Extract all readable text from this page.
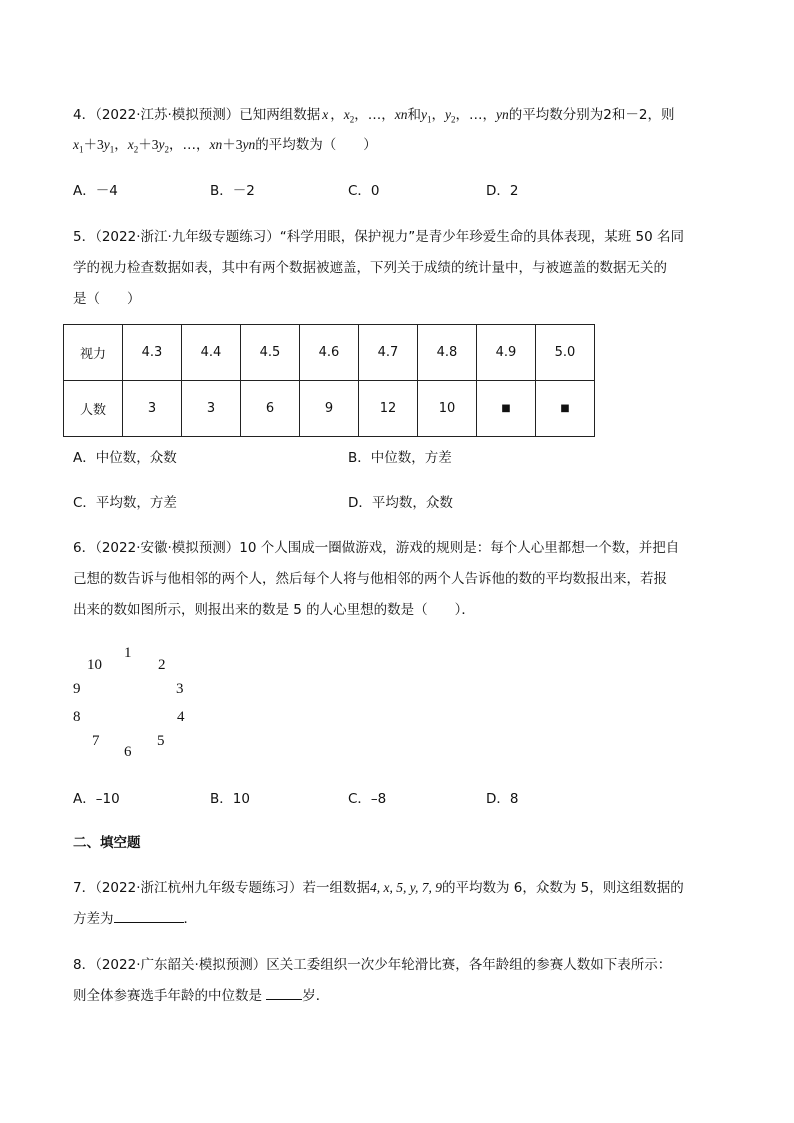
4．（2022·江苏·模拟预测）已知两组数据 x ，$x_2$，…，xn和$y_1$，$y_2$，…，yn的平均数分别为2和－2，则
$x_1+3y_1$，$x_2+3y_2$，…，xn＋3yn的平均数为（　　）
A．－4	B．－2	C．0	D．2
5．（2022·浙江·九年级专题练习）“科学用眼，保护视力”是青少年珍爱生命的具体表现，某班 50 名同
学的视力检查数据如表，其中有两个数据被遮盖，下列关于成绩的统计量中，与被遮盖的数据无关的
是（　　）
视力	4.3	4.4	4.5	4.6	4.7	4.8	4.9	5.0
人数	3	3	6	9	12	10	■	■
A．中位数，众数	B．中位数，方差
C．平均数，方差	D．平均数，众数
6．（2022·安徽·模拟预测）10 个人围成一圈做游戏，游戏的规则是：每个人心里都想一个数，并把自
己想的数告诉与他相邻的两个人，然后每个人将与他相邻的两个人告诉他的数的平均数报出来，若报
出来的数如图所示，则报出来的数是 5 的人心里想的数是（　　）．
1
2
3
4
5
6
7
8
9
10
A．–10	B．10	C．–8	D．8
二、填空题
7．（2022·浙江杭州九年级专题练习）若一组数据4, x, 5, y, 7, 9的平均数为 6，众数为 5，则这组数据的
方差为	．
8．（2022·广东韶关·模拟预测）区关工委组织一次少年轮滑比赛，各年龄组的参赛人数如下表所示：
则全体参赛选手年龄的中位数是	岁．
